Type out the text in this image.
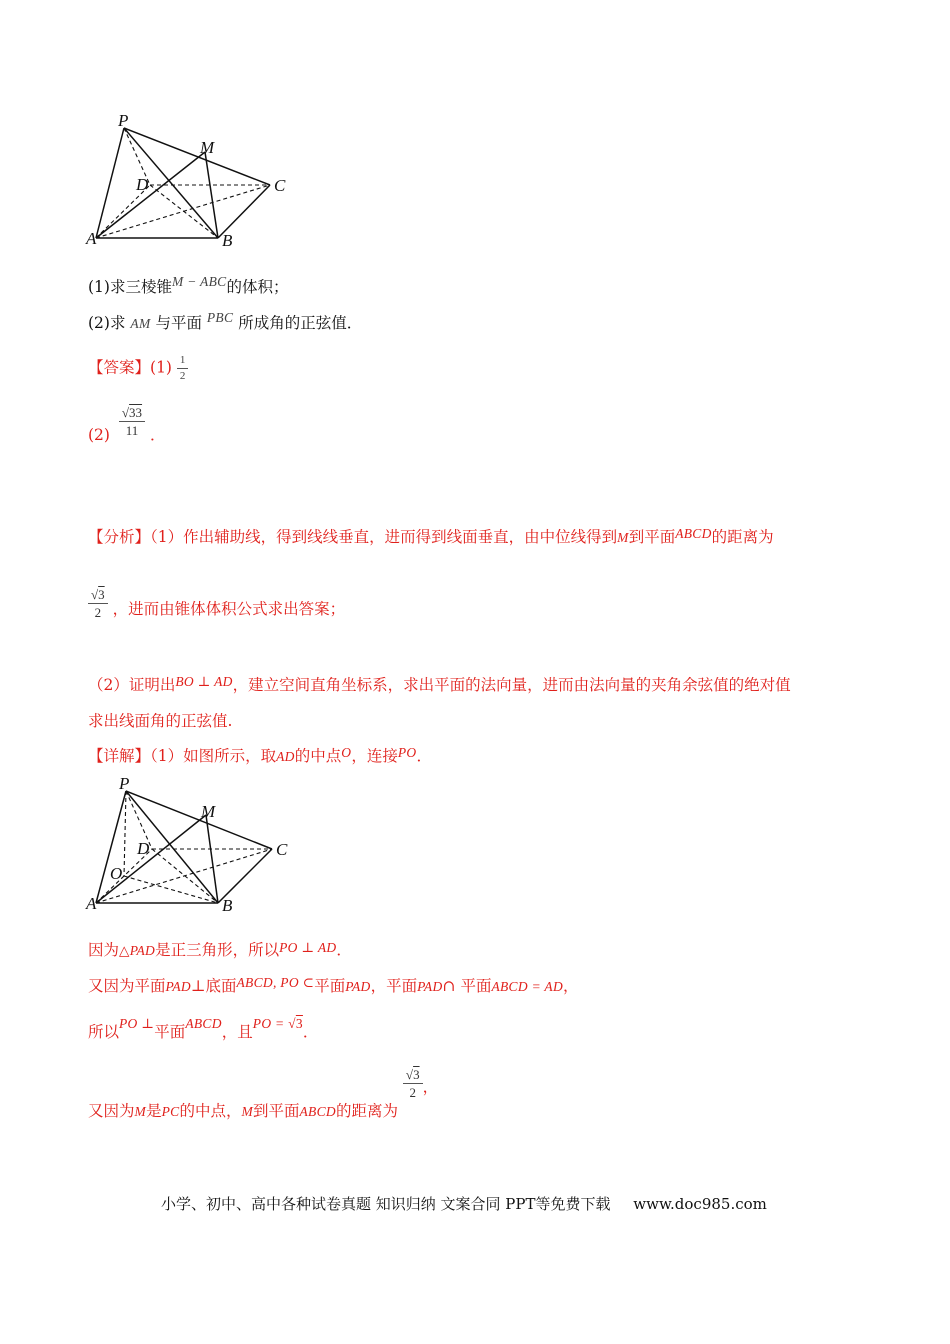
P
M
D	C
A	B
(1)求三棱锥M − ABC的体积；
(2)求 AM 与平面 PBC 所成角的正弦值．
【答案】$(1) \frac{1}{2}$
$(2) \frac{√33}{11}$ ．
【分析】（1）作出辅助线，得到线线垂直，进而得到线面垂直，由中位线得到M到平面ABCD的距离为
$\frac{√3}{2}$ ，进而由锥体体积公式求出答案；
（2）证明出BO ⊥ AD，建立空间直角坐标系，求出平面的法向量，进而由法向量的夹角余弦值的绝对值
求出线面角的正弦值.
【详解】（1）如图所示，取AD的中点O，连接PO．
P
M
D	C
O
A	B
因为△PAD是正三角形，所以PO ⊥ AD．
又因为平面PAD⊥底面ABCD, PO ⊂平面PAD，平面PAD∩ 平面ABCD = AD，
所以PO ⊥平面ABCD，且PO = √3．
又因为M是PC的中点，M到平面ABCD的距离为
$\frac{√3}{2}$ ，
小学、初中、高中各种试卷真题 知识归纳 文案合同 PPT等免费下载 www.doc985.com
